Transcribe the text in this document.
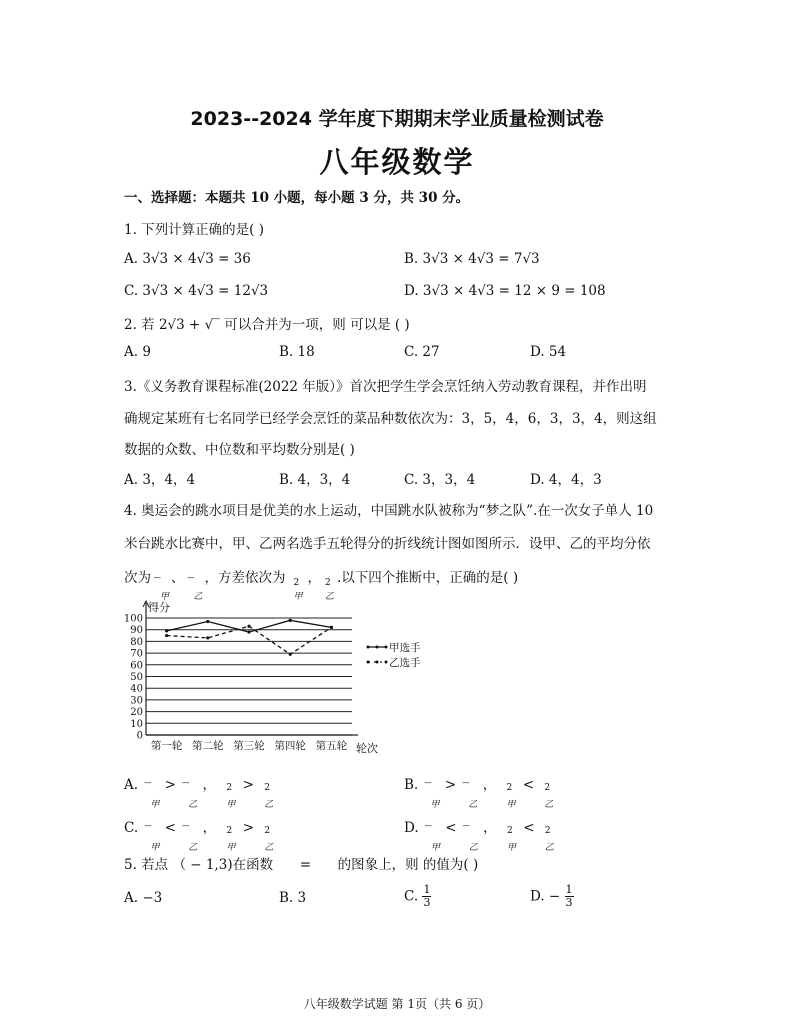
2023--2024 学年度下期期末学业质量检测试卷
八年级数学
一、选择题：本题共 10 小题，每小题 3 分，共 30 分。
1. 下列计算正确的是( )
A. 3√3 × 4√3 = 36	B. 3√3 × 4√3 = 7√3
C. 3√3 × 4√3 = 12√3	D. 3√3 × 4√3 = 12 × 9 = 108
2. 若 2√3 + √‾ 可以合并为一项，则 可以是 ( )
A. 9	B. 18	C. 27	D. 54
3.《义务教育课程标准(2022 年版）》首次把学生学会烹饪纳入劳动教育课程，并作出明
确规定某班有七名同学已经学会烹饪的菜品种数依次为：3，5，4，6，3，3，4，则这组
数据的众数、中位数和平均数分别是( )
A. 3，4，4	B. 4，3，4	C. 3，3，4	D. 4，4，3
4. 奥运会的跳水项目是优美的水上运动，中国跳水队被称为“梦之队”.在一次女子单人 10
米台跳水比赛中，甲、乙两名选手五轮得分的折线统计图如图所示．设甲、乙的平均分依
次为 ‾
甲
、 ‾
乙
，方差依次为 2
甲
， 2
乙
.以下四个推断中，正确的是( )
0
10
20
30
40
50
60
70
80
90
100
得分
第一轮 第二轮 第三轮 第四轮 第五轮 轮次
甲选手
乙选手
A. ‾
甲
> ‾
乙
， 2
甲
> 2
乙
B. ‾
甲
> ‾
乙
， 2
甲
< 2
乙
C. ‾
甲
< ‾
乙
， 2
甲
> 2
乙
D. ‾
甲
< ‾
乙
， 2
甲
< 2
乙
5. 若点 （ − 1,3)在函数 = 的图象上，则 的值为( )
A. −3	B. 3	C. $\frac{1}{3}$	D. − $\frac{1}{3}$
八年级数学试题 第 1页（共 6 页）
